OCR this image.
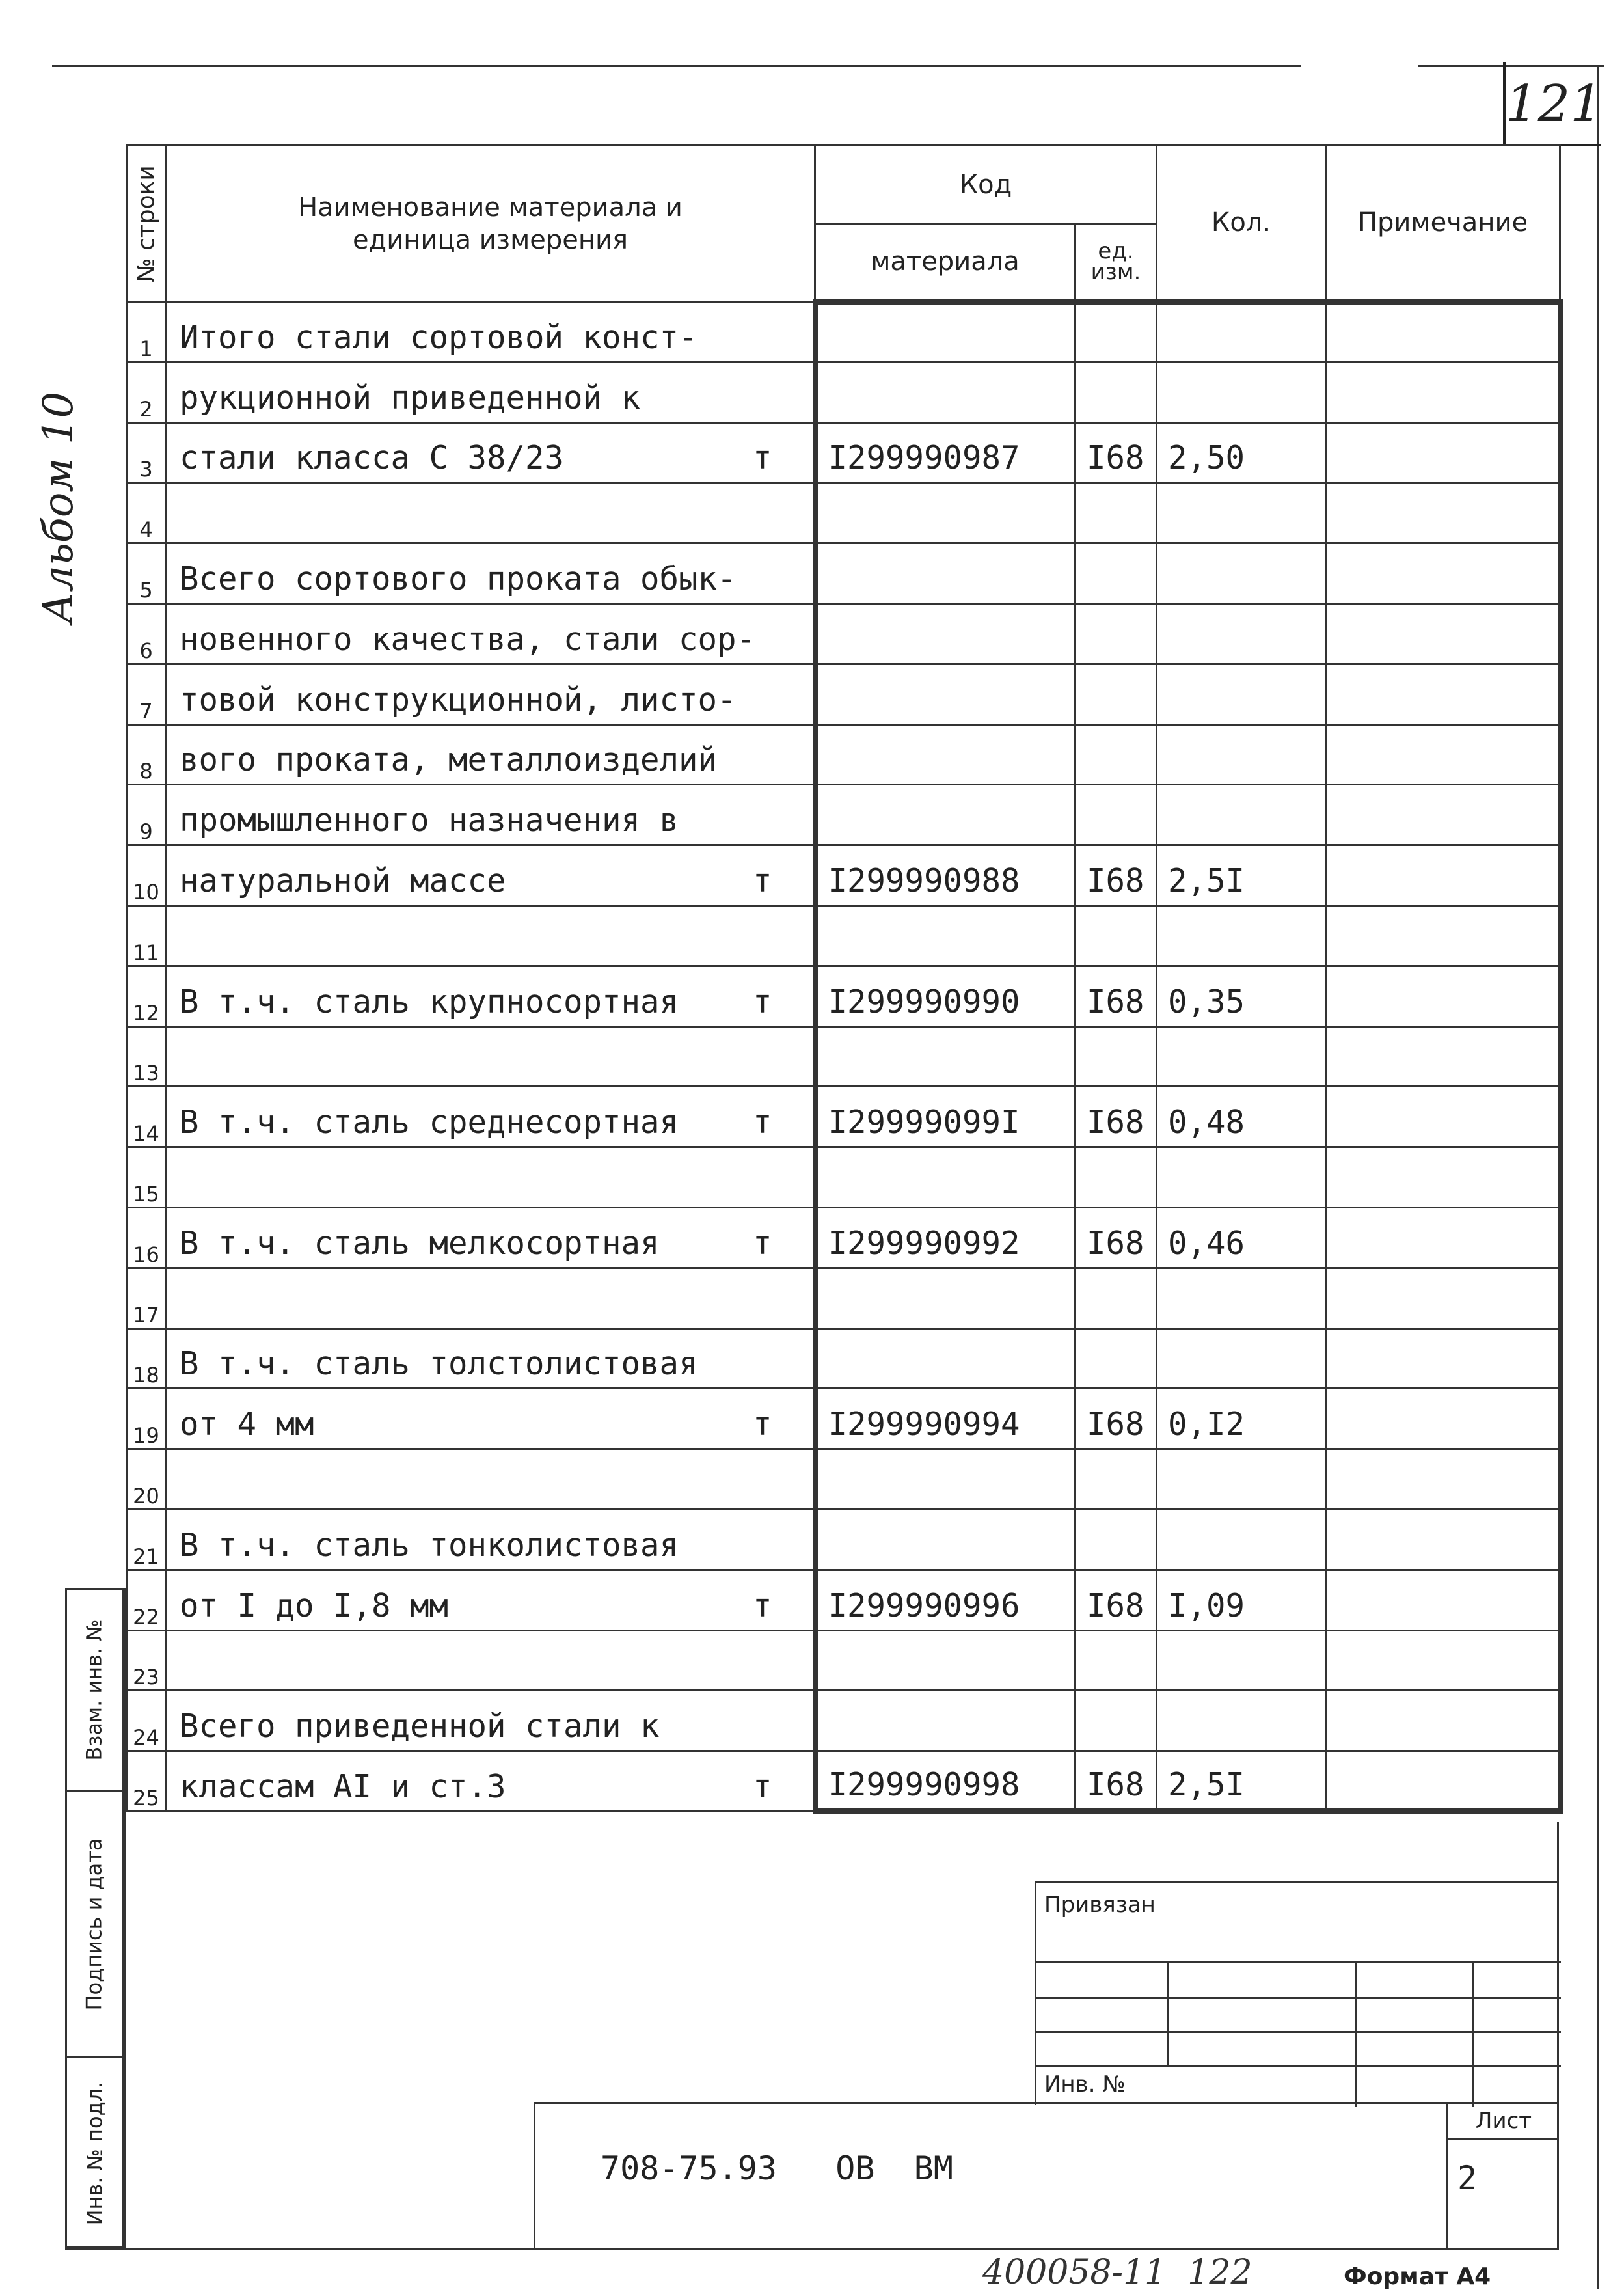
121
Альбом 10
№ строки	Наименование материала и
единица измерения	Код		Кол.	Примечание
		материала	ед.
изм.		

1	Итого стали сортовой конст-				

2	рукционной приведенной к				

3	стали класса С 38/23 т	I299990987	I68	2,50	

4	

5	Всего сортового проката обык-				

6	новенного качества, стали сор-				

7	товой конструкционной, листо-				

8	вого проката, металлоизделий				

9	промышленного назначения в				

10	натуральной массе т	I299990988	I68	2,5I	

11	

12	В т.ч. сталь крупносортная т	I299990990	I68	0,35	

13	

14	В т.ч. сталь среднесортная т	I29999099I	I68	0,48	

15	

16	В т.ч. сталь мелкосортная т	I299990992	I68	0,46	

17	

18	В т.ч. сталь толстолистовая				

19	от 4 мм т	I299990994	I68	0,I2	

20	

21	В т.ч. сталь тонколистовая				

22	от I до I,8 мм т	I299990996	I68	I,09	

23	

24	Всего приведенной стали к				

25	классам АI и ст.3 т	I299990998	I68	2,5I	

Взам. инв. №
Подпись и дата
Инв. № подл.
Привязан
Инв. №
708-75.93   ОВ  ВМ
Лист
2
400058-11  122	Формат А4
